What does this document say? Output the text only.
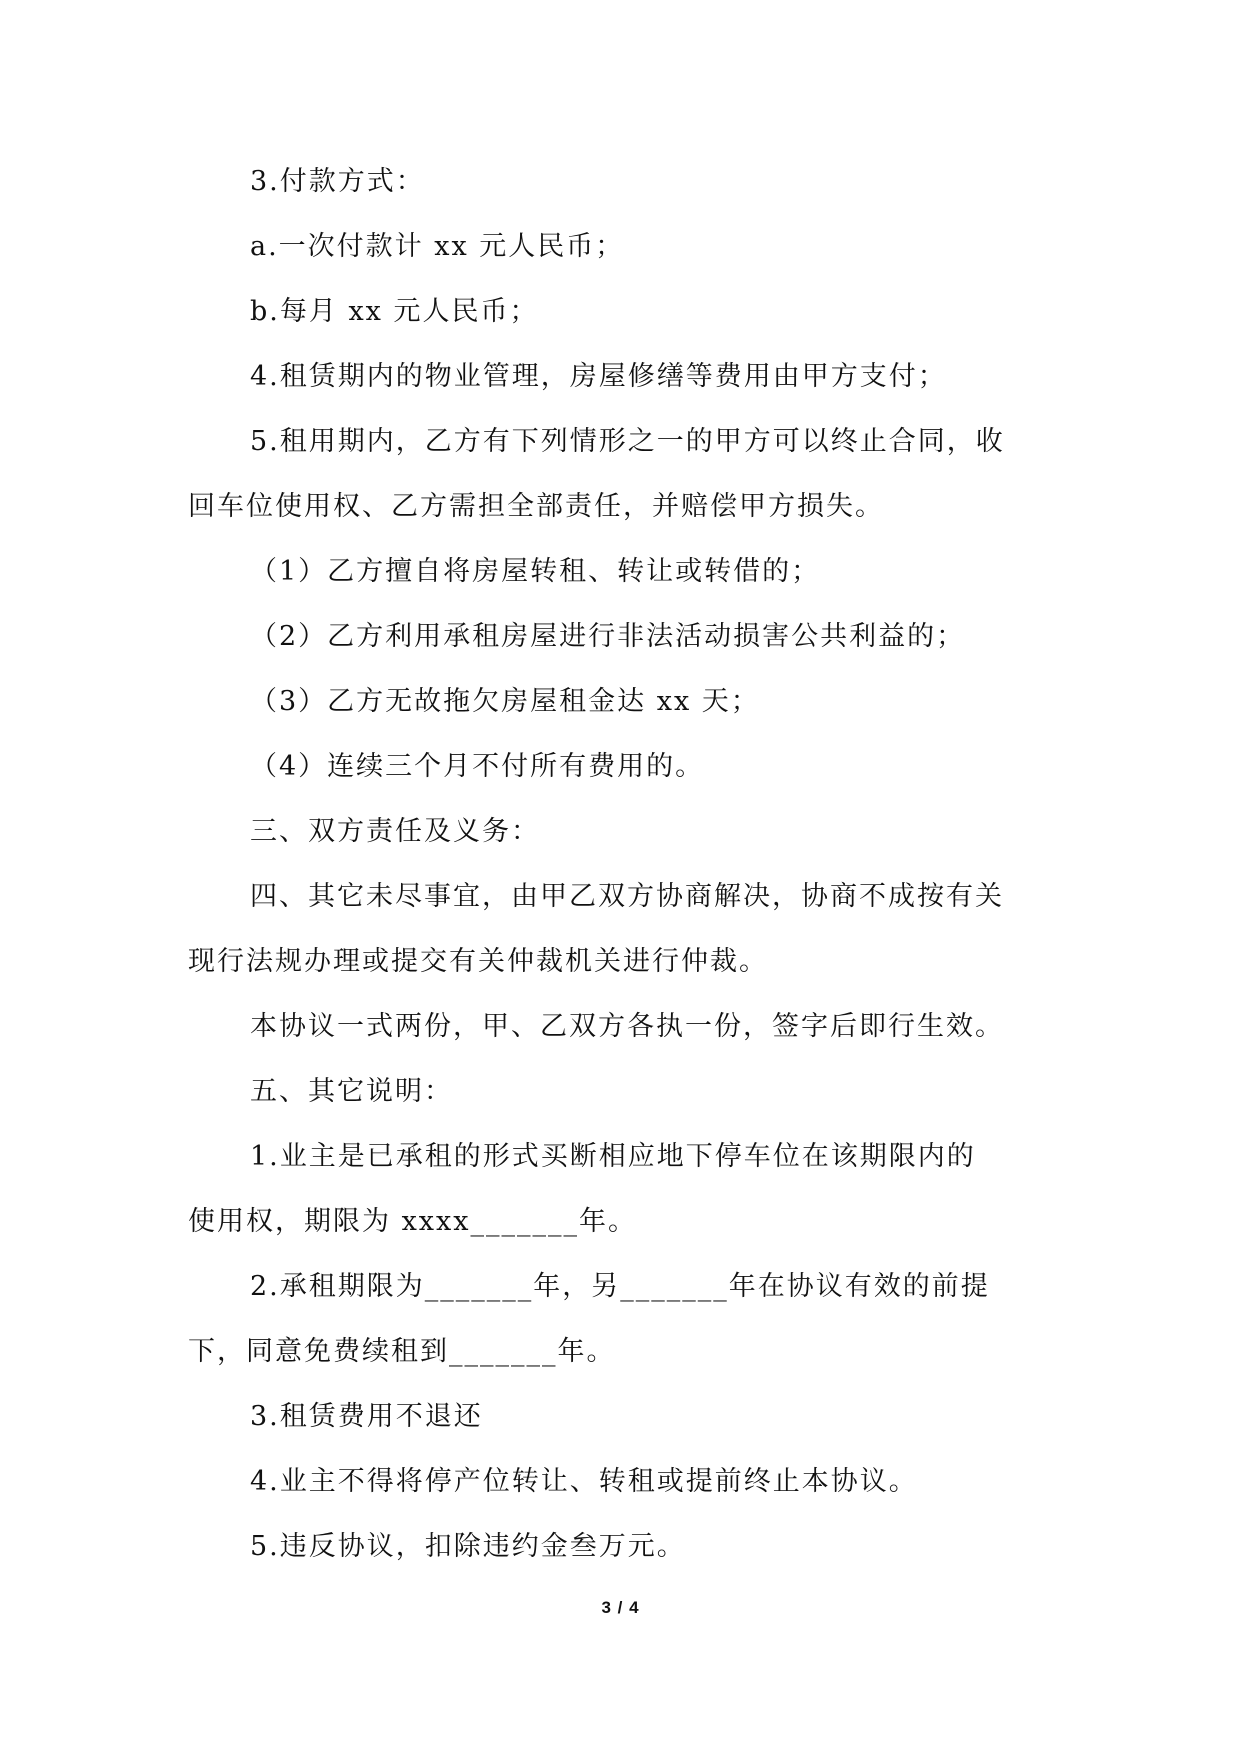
3.付款方式：
a.一次付款计 xx 元人民币；
b.每月 xx 元人民币；
4.租赁期内的物业管理，房屋修缮等费用由甲方支付；
5.租用期内，乙方有下列情形之一的甲方可以终止合同，收
回车位使用权、乙方需担全部责任，并赔偿甲方损失。
（1）乙方擅自将房屋转租、转让或转借的；
（2）乙方利用承租房屋进行非法活动损害公共利益的；
（3）乙方无故拖欠房屋租金达 xx 天；
（4）连续三个月不付所有费用的。
三、双方责任及义务：
四、其它未尽事宜，由甲乙双方协商解决，协商不成按有关
现行法规办理或提交有关仲裁机关进行仲裁。
本协议一式两份，甲、乙双方各执一份，签字后即行生效。
五、其它说明：
1.业主是已承租的形式买断相应地下停车位在该期限内的
使用权，期限为 xxxx_______年。
2.承租期限为_______年，另_______年在协议有效的前提
下，同意免费续租到_______年。
3.租赁费用不退还
4.业主不得将停产位转让、转租或提前终止本协议。
5.违反协议，扣除违约金叁万元。
3 / 4
